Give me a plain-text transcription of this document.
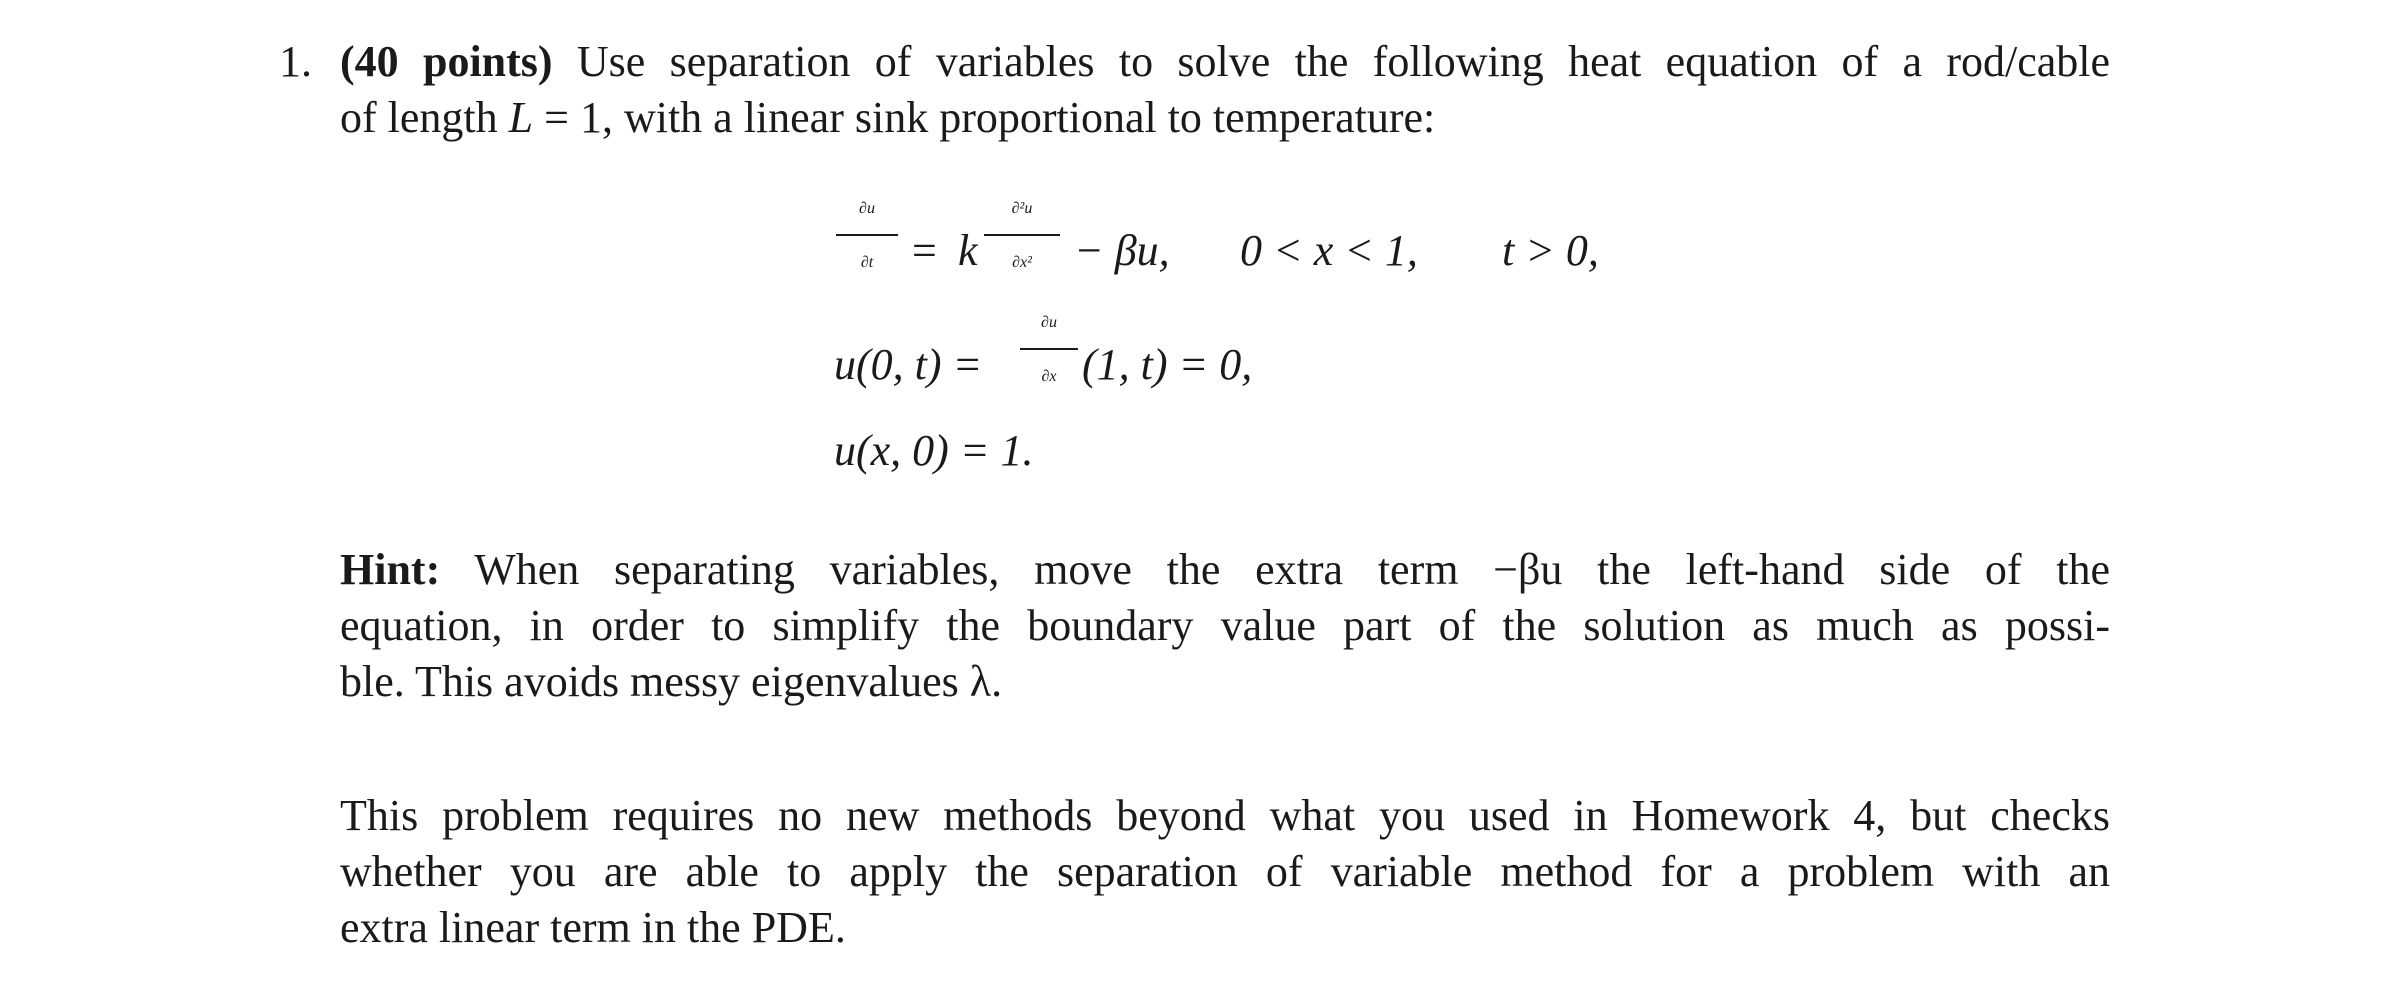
1. (40 points) Use separation of variables to solve the following heat equation of a rod/cable
of length L = 1, with a linear sink proportional to temperature:
∂u
∂t = k
∂²u
∂x² − βu, 0 < x < 1, t > 0,
u(0, t) =
∂u
∂x (1, t) = 0,
u(x, 0) = 1.
Hint: When separating variables, move the extra term −βu the left-hand side of the
equation, in order to simplify the boundary value part of the solution as much as possi-
ble. This avoids messy eigenvalues λ.
This problem requires no new methods beyond what you used in Homework 4, but checks
whether you are able to apply the separation of variable method for a problem with an
extra linear term in the PDE.
